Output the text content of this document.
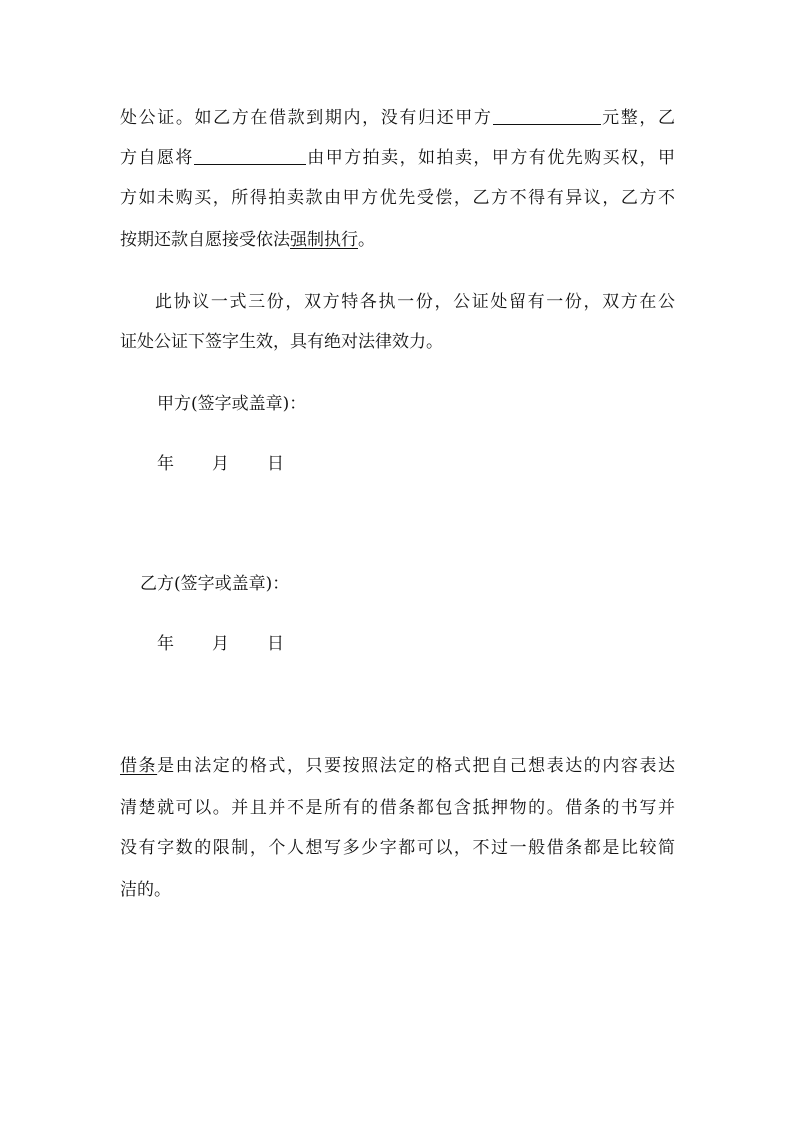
处公证。如乙方在借款到期内，没有归还甲方	元整，乙
方自愿将	由甲方拍卖，如拍卖，甲方有优先购买权，甲
方如未购买，所得拍卖款由甲方优先受偿，乙方不得有异议，乙方不
按期还款自愿接受依法强制执行。
此协议一式三份，双方特各执一份，公证处留有一份，双方在公
证处公证下签字生效，具有绝对法律效力。
甲方(签字或盖章)：
年 月 日
乙方(签字或盖章)：
年 月 日
借条是由法定的格式，只要按照法定的格式把自己想表达的内容表达
清楚就可以。并且并不是所有的借条都包含抵押物的。借条的书写并
没有字数的限制，个人想写多少字都可以，不过一般借条都是比较简
洁的。
